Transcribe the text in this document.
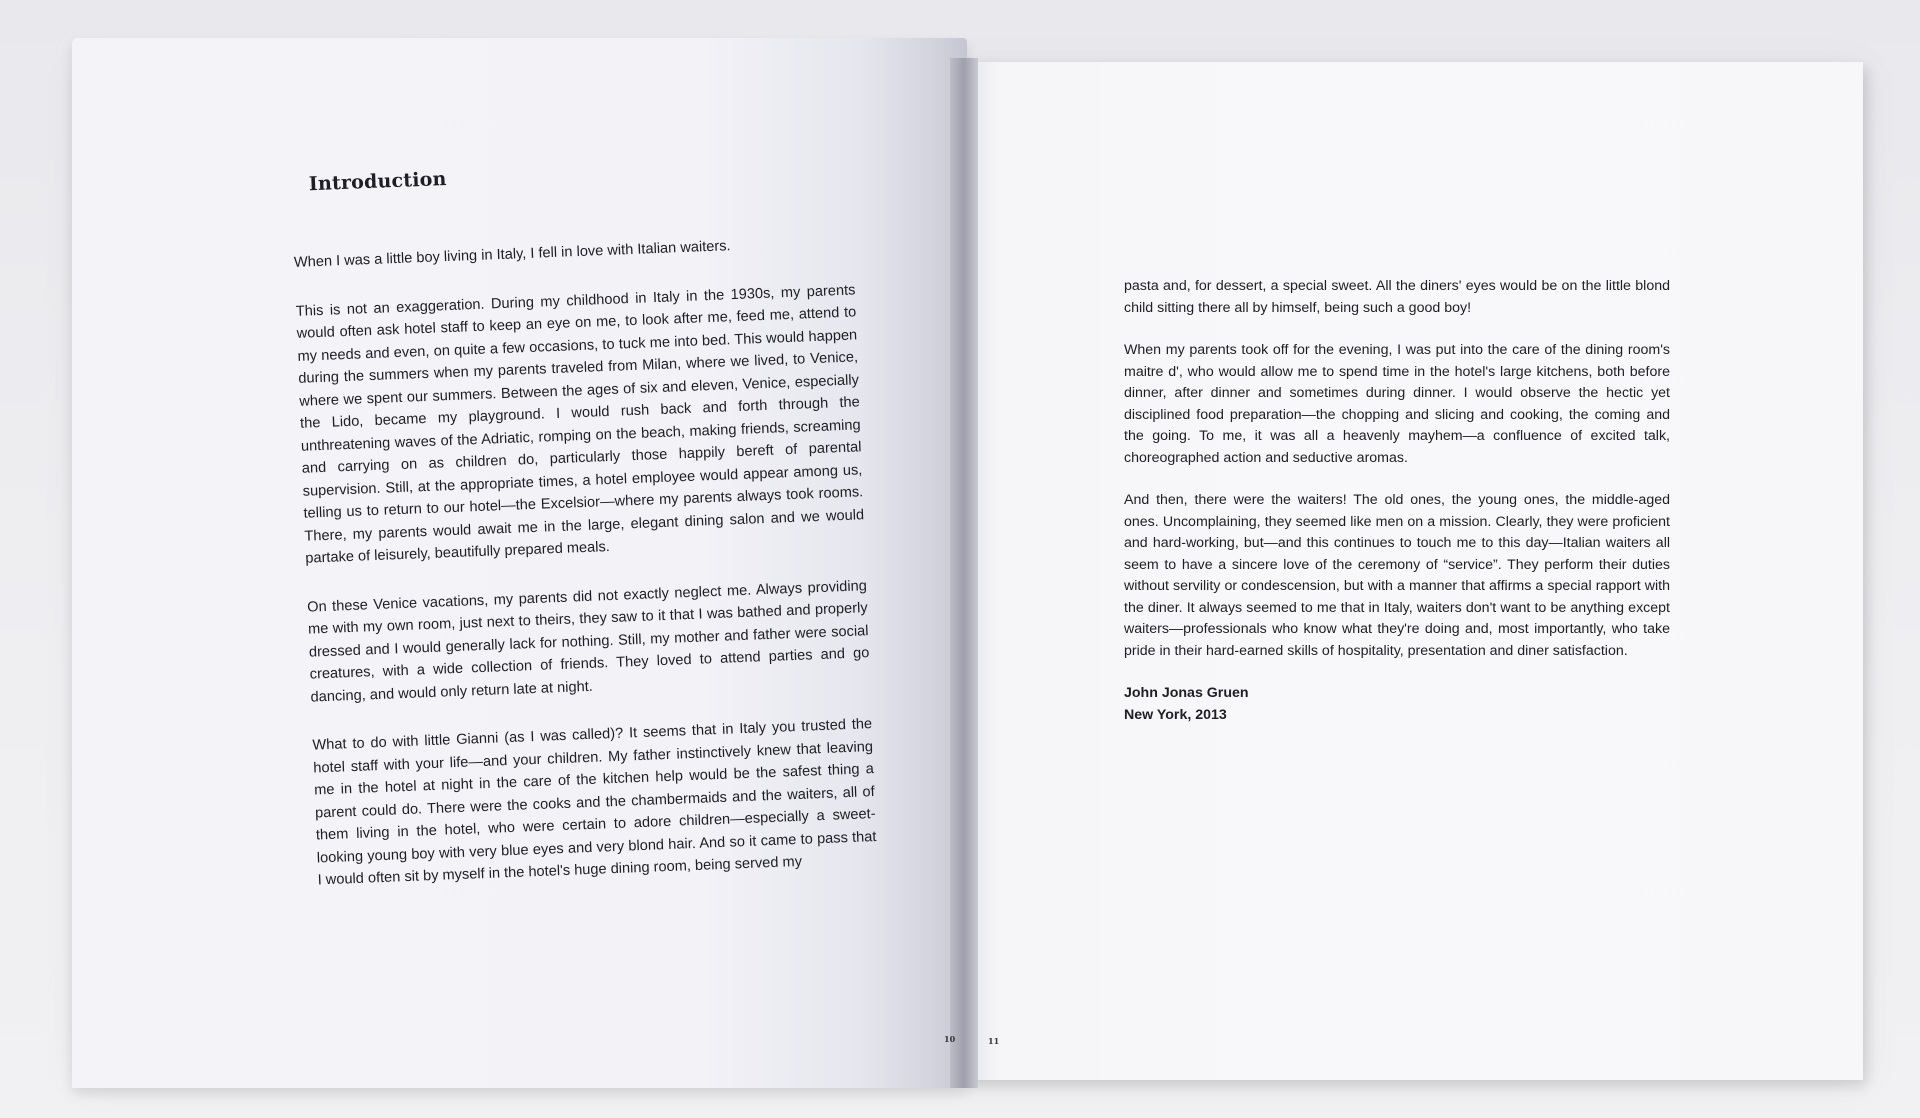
Introduction

When I was a little boy living in Italy, I fell in love with Italian waiters.

This is not an exaggeration. During my childhood in Italy in the 1930s, my parents would often ask hotel staff to keep an eye on me, to look after me, feed me, attend to my needs and even, on quite a few occasions, to tuck me into bed. This would happen during the summers when my parents traveled from Milan, where we lived, to Venice, where we spent our summers. Between the ages of six and eleven, Venice, especially the Lido, became my playground. I would rush back and forth through the unthreatening waves of the Adriatic, romping on the beach, making friends, screaming and carrying on as children do, particularly those happily bereft of parental supervision. Still, at the appropriate times, a hotel employee would appear among us, telling us to return to our hotel—the Excelsior—where my parents always took rooms. There, my parents would await me in the large, elegant dining salon and we would partake of leisurely, beautifully prepared meals.

On these Venice vacations, my parents did not exactly neglect me. Always providing me with my own room, just next to theirs, they saw to it that I was bathed and properly dressed and I would generally lack for nothing. Still, my mother and father were social creatures, with a wide collection of friends. They loved to attend parties and go dancing, and would only return late at night.

What to do with little Gianni (as I was called)? It seems that in Italy you trusted the hotel staff with your life—and your children. My father instinctively knew that leaving me in the hotel at night in the care of the kitchen help would be the safest thing a parent could do. There were the cooks and the chambermaids and the waiters, all of them living in the hotel, who were certain to adore children—especially a sweet-looking young boy with very blue eyes and very blond hair. And so it came to pass that I would often sit by myself in the hotel's huge dining room, being served my

10

pasta and, for dessert, a special sweet. All the diners' eyes would be on the little blond child sitting there all by himself, being such a good boy!

When my parents took off for the evening, I was put into the care of the dining room's maitre d', who would allow me to spend time in the hotel's large kitchens, both before dinner, after dinner and sometimes during dinner. I would observe the hectic yet disciplined food preparation—the chopping and slicing and cooking, the coming and the going. To me, it was all a heavenly mayhem—a confluence of excited talk, choreographed action and seductive aromas.

And then, there were the waiters! The old ones, the young ones, the middle-aged ones. Uncomplaining, they seemed like men on a mission. Clearly, they were proficient and hard-working, but—and this continues to touch me to this day—Italian waiters all seem to have a sincere love of the ceremony of “service”. They perform their duties without servility or condescension, but with a manner that affirms a special rapport with the diner. It always seemed to me that in Italy, waiters don't want to be anything except waiters—professionals who know what they're doing and, most importantly, who take pride in their hard-earned skills of hospitality, presentation and diner satisfaction.

John Jonas Gruen
New York, 2013
11
